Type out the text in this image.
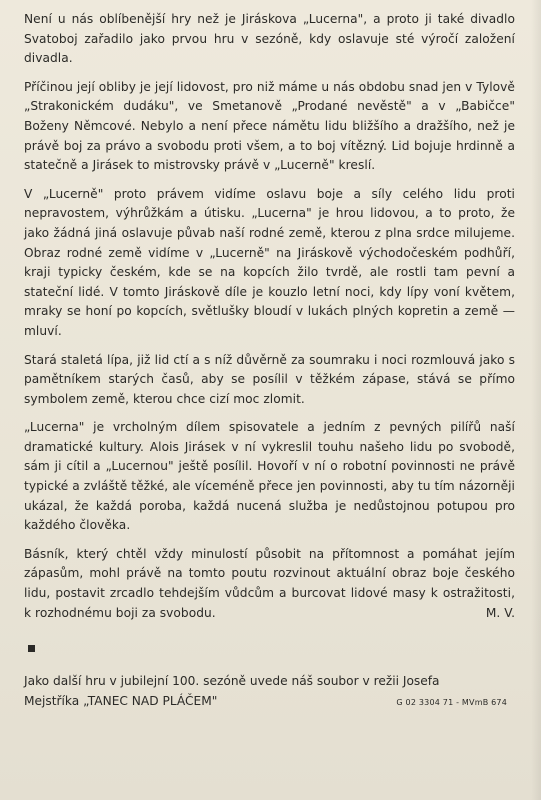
Není u nás oblíbenější hry než je Jiráskova „Lucerna", a proto ji také divadlo Svatoboj zařadilo jako prvou hru v sezóně, kdy oslavuje sté výročí založení divadla.

Příčinou její obliby je její lidovost, pro niž máme u nás obdobu snad jen v Tylově „Strakonickém dudáku", ve Smetanově „Prodané nevěstě" a v „Babičce" Boženy Němcové. Nebylo a není přece námětu lidu bližšího a dražšího, než je právě boj za právo a svobodu proti všem, a to boj vítězný. Lid bojuje hrdinně a statečně a Jirásek to mistrovsky právě v „Lucerně" kreslí.

V „Lucerně" proto právem vidíme oslavu boje a síly celého lidu proti nepravostem, výhrůžkám a útisku. „Lucerna" je hrou lidovou, a to proto, že jako žádná jiná oslavuje půvab naší rodné země, kterou z plna srdce milujeme. Obraz rodné země vidíme v „Lucerně" na Jiráskově východočeském podhůří, kraji typicky českém, kde se na kopcích žilo tvrdě, ale rostli tam pevní a stateční lidé. V tomto Jiráskově díle je kouzlo letní noci, kdy lípy voní květem, mraky se honí po kopcích, světlušky bloudí v lukách plných kopretin a země — mluví.

Stará staletá lípa, již lid ctí a s níž důvěrně za soumraku i noci rozmlouvá jako s pamětníkem starých časů, aby se posílil v těžkém zápase, stává se přímo symbolem země, kterou chce cizí moc zlomit.

„Lucerna" je vrcholným dílem spisovatele a jedním z pevných pilířů naší dramatické kultury. Alois Jirásek v ní vykreslil touhu našeho lidu po svobodě, sám ji cítil a „Lucernou" ještě posílil. Hovoří v ní o robotní povinnosti ne právě typické a zvláště těžké, ale víceméně přece jen povinnosti, aby tu tím názorněji ukázal, že každá poroba, každá nucená služba je nedůstojnou potupou pro každého člověka.

Básník, který chtěl vždy minulostí působit na přítomnost a pomáhat jejím zápasům, mohl právě na tomto poutu rozvinout aktuální obraz boje českého lidu, postavit zrcadlo tehdejším vůdcům a burcovat lidové masy k ostražitosti, k rozhodnému boji za svobodu.	M. V.

Jako další hru v jubilejní 100. sezóně uvede náš soubor v režii Josefa
Mejstříka „TANEC NAD PLÁČEM"	G 02 3304 71 - MVmB 674
